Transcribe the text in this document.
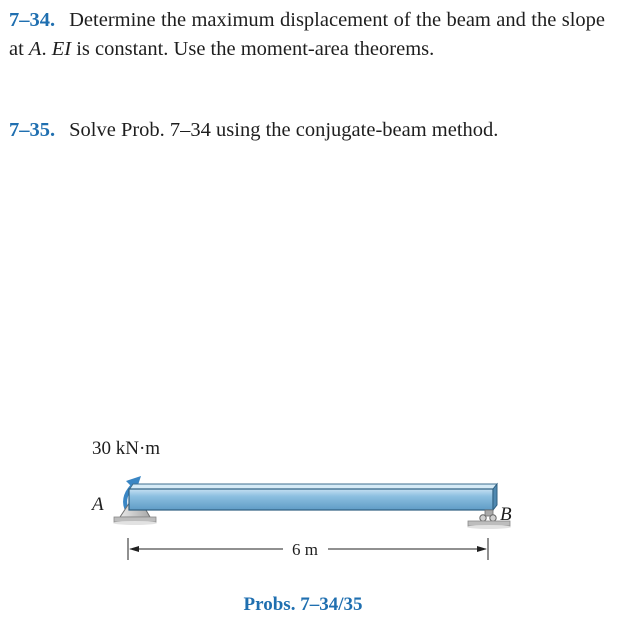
7–34. Determine the maximum displacement of the beam and the slope at A. EI is constant. Use the moment-area theorems.

7–35. Solve Prob. 7–34 using the conjugate-beam method.

30 kN·m
A	B
6 m
Probs. 7–34/35
